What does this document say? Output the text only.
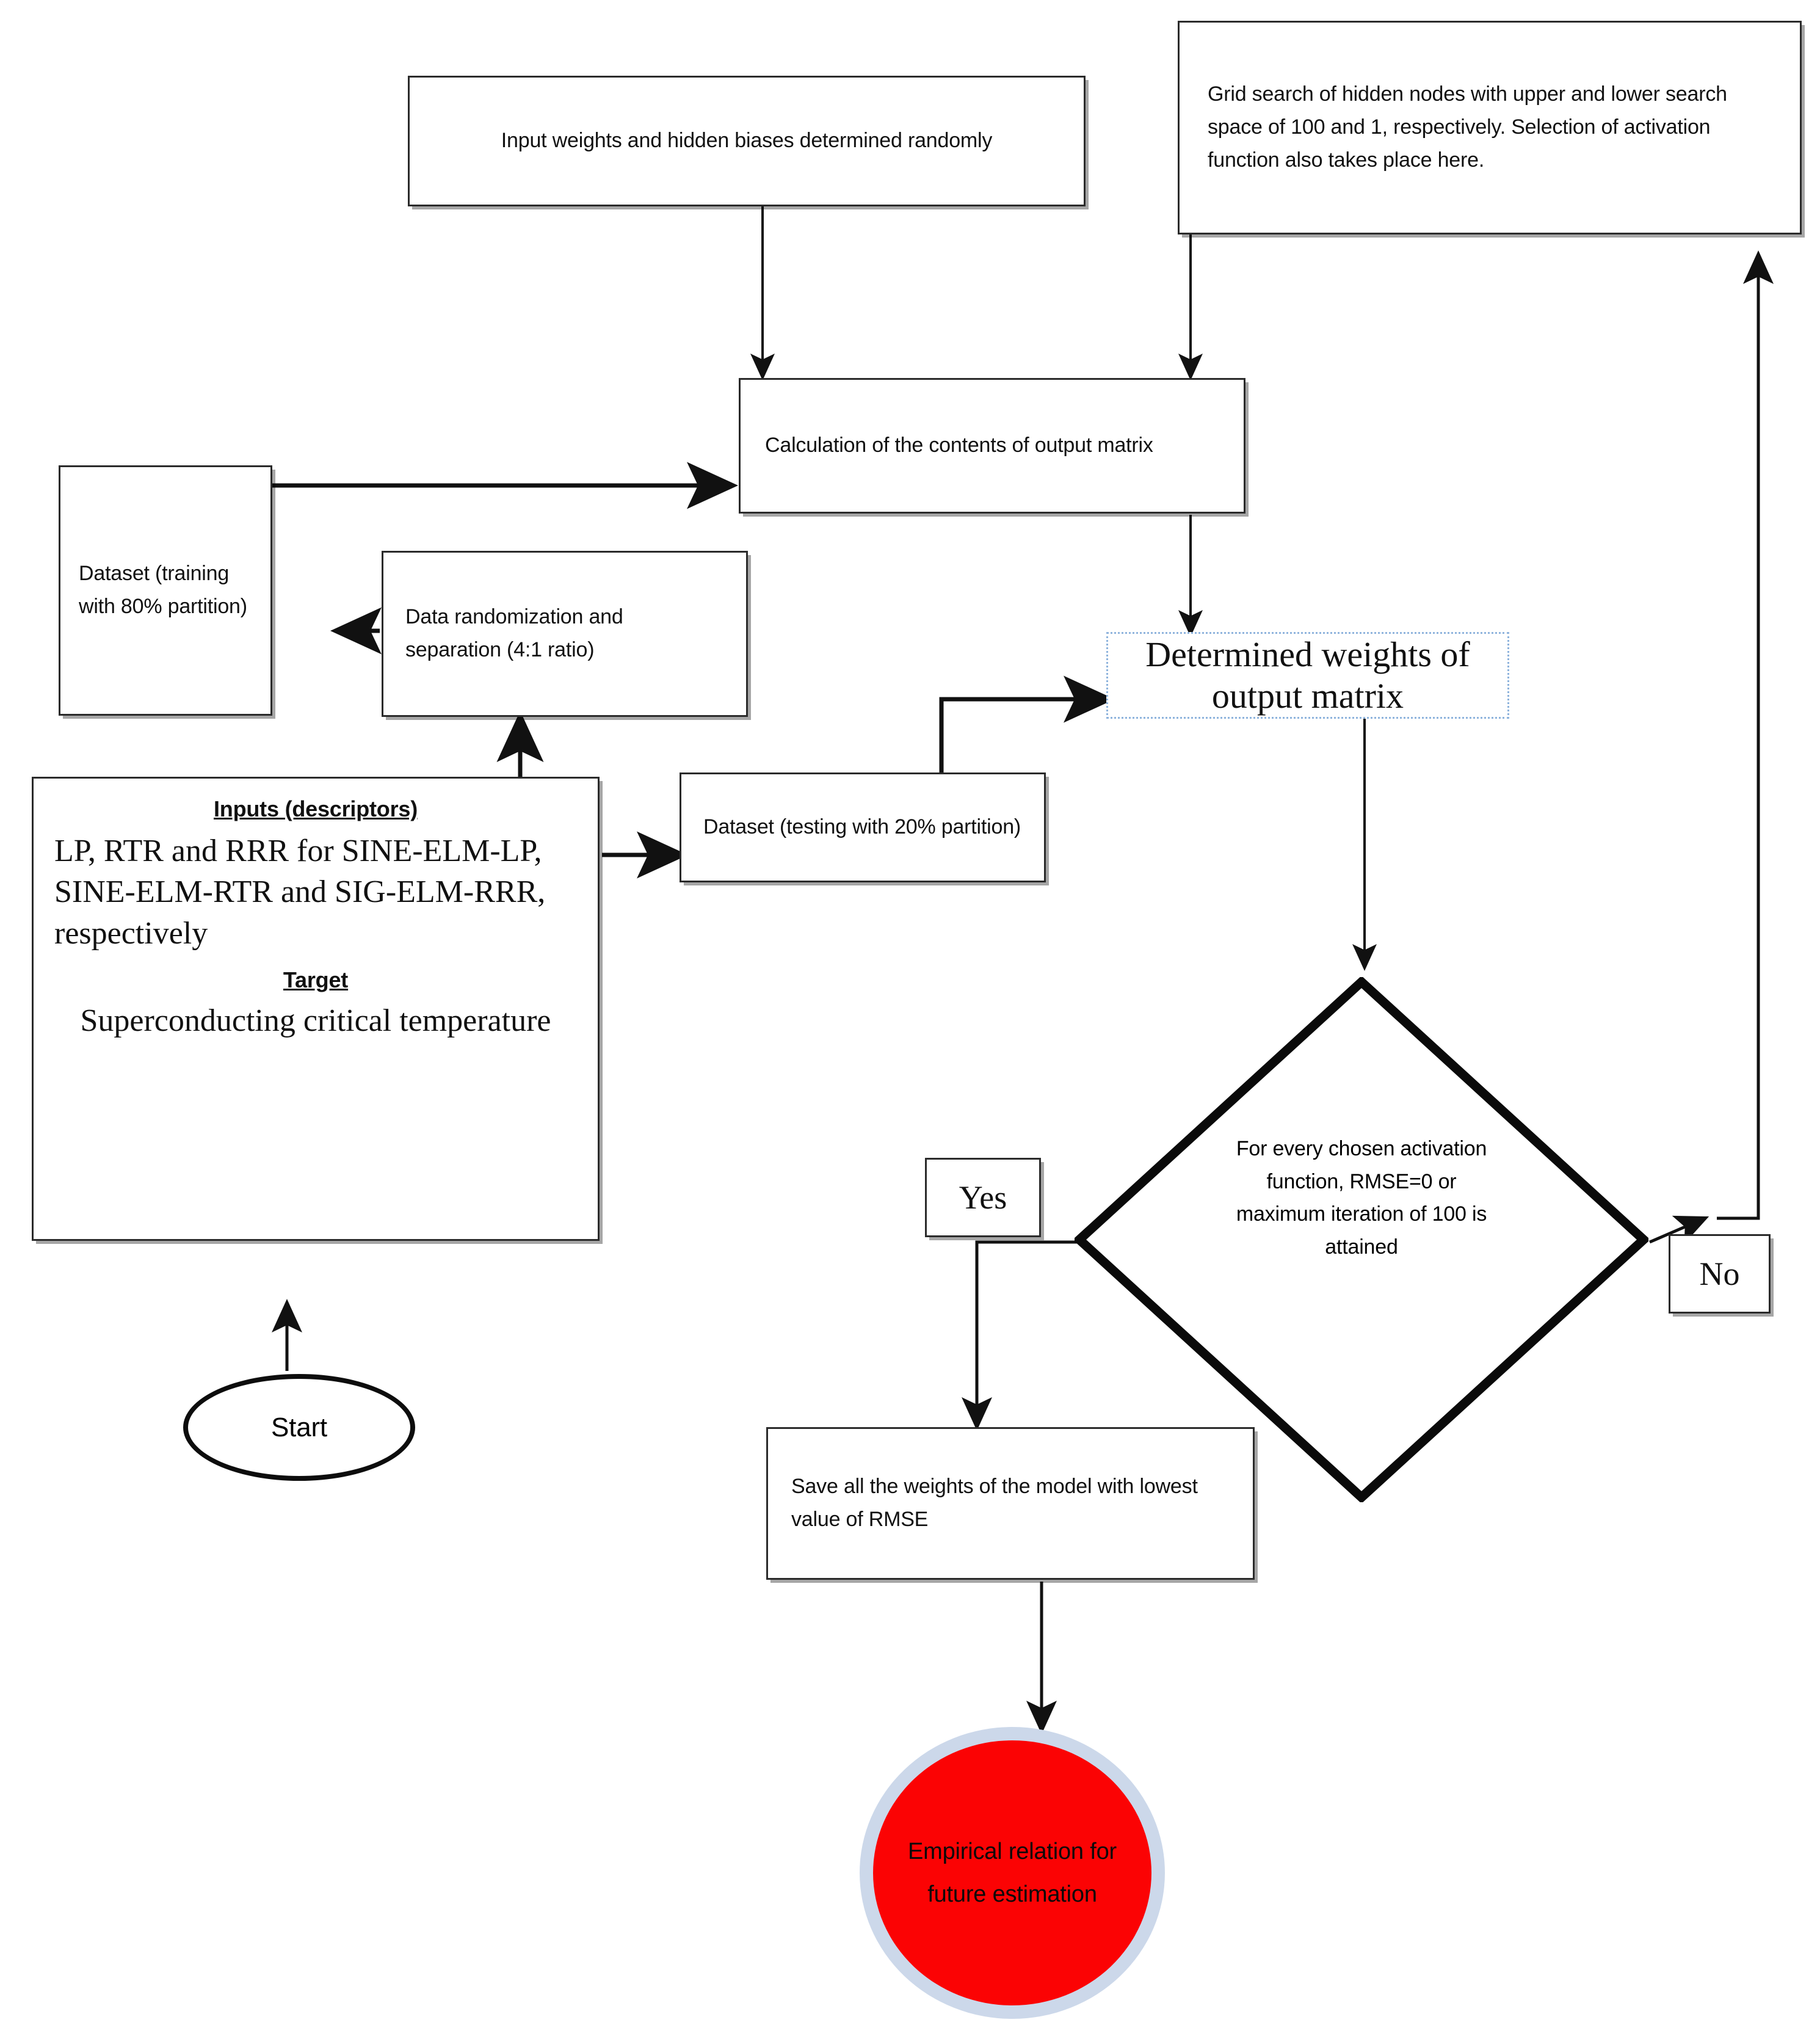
Input weights and hidden biases determined randomly
Grid search of hidden nodes with upper and lower search space of 100 and 1, respectively. Selection of activation function also takes place here.
Calculation of the contents of output matrix
Dataset (training with 80% partition)	Data randomization and separation (4:1 ratio)
Inputs (descriptors)
LP, RTR and RRR for SINE-ELM-LP, SINE-ELM-RTR and SIG-ELM-RRR, respectively
Target
Superconducting critical temperature
Dataset (testing with 20% partition)
Determined weights of output matrix
For every chosen activation function, RMSE=0 or maximum iteration of 100 is attained
Yes
No
Save all the weights of the model with lowest value of RMSE
Start
Empirical relation for future estimation
